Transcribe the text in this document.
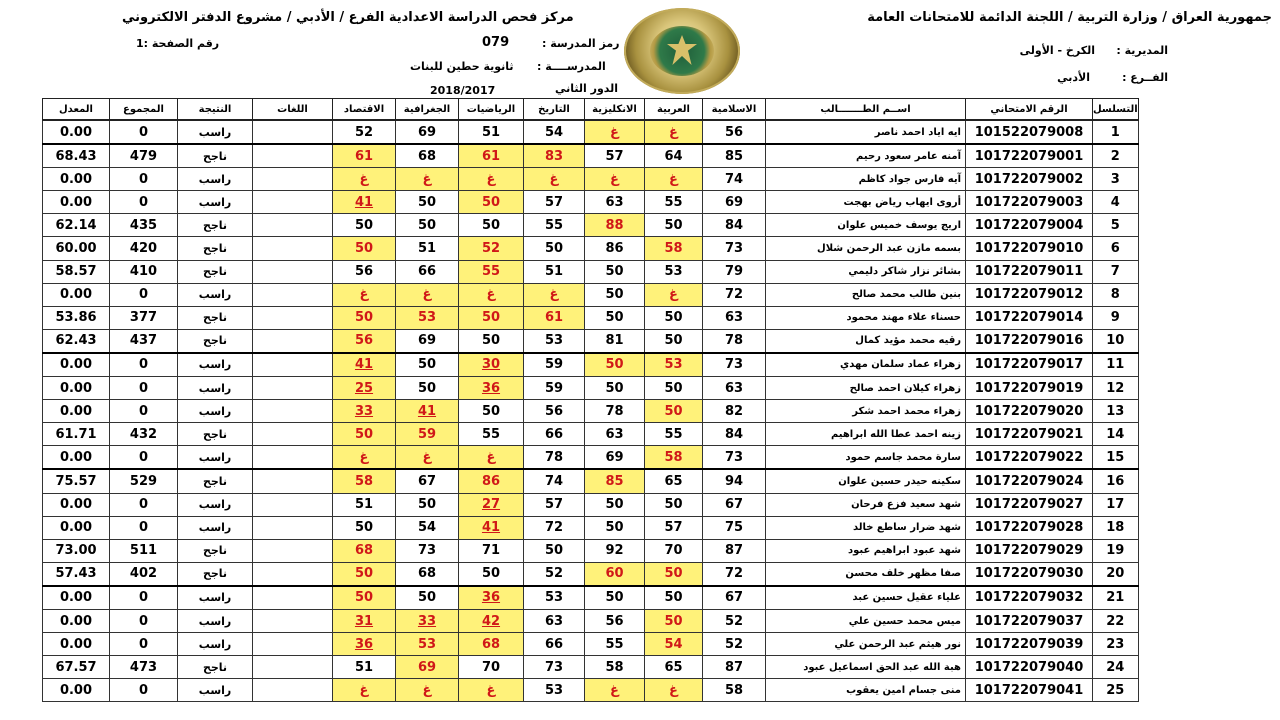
جمهورية العراق / وزارة التربية / اللجنة الدائمة للامتحانات العامة
مركز فحص الدراسة الاعدادية الفرع / الأدبي / مشروع الدفتر الالكتروني
رقم الصفحة :1	رمز المدرسة :
079
المدرســــة :
ثانوية حطين للبنات
الدور الثاني
2018/2017
المديرية :
الكرخ - الأولى
الفــرع :
الأدبي
المعدل	المجموع	النتيجة	اللغات	الاقتصاد	الجغرافية	الرياضيات	التاريخ	الانكليزية	العربية	الاسلامية	اســم الطـــــــالب	الرقم الامتحاني	التسلسل
0.00	0	راسب		52	69	51	54	غ	غ	56	ايه اياد احمد ناصر	101522079008	1
68.43	479	ناجح		61	68	61	83	57	64	85	آمنه عامر سعود رحيم	101722079001	2
0.00	0	راسب		غ	غ	غ	غ	غ	غ	74	آيه فارس جواد كاظم	101722079002	3
0.00	0	راسب		41	50	50	57	63	55	69	أروى ايهاب رياض بهجت	101722079003	4
62.14	435	ناجح		50	50	50	55	88	50	84	اريج يوسف خميس علوان	101722079004	5
60.00	420	ناجح		50	51	52	50	86	58	73	بسمه مازن عبد الرحمن شلال	101722079010	6
58.57	410	ناجح		56	66	55	51	50	53	79	بشائر نزار شاكر دليمي	101722079011	7
0.00	0	راسب		غ	غ	غ	غ	50	غ	72	بنين طالب محمد صالح	101722079012	8
53.86	377	ناجح		50	53	50	61	50	50	63	حسناء علاء مهند محمود	101722079014	9
62.43	437	ناجح		56	69	50	53	81	50	78	رقيه محمد مؤيد كمال	101722079016	10
0.00	0	راسب		41	50	30	59	50	53	73	زهراء عماد سلمان مهدي	101722079017	11
0.00	0	راسب		25	50	36	59	50	50	63	زهراء كيلان احمد صالح	101722079019	12
0.00	0	راسب		33	41	50	56	78	50	82	زهراء محمد احمد شكر	101722079020	13
61.71	432	ناجح		50	59	55	66	63	55	84	زينه احمد عطا الله ابراهيم	101722079021	14
0.00	0	راسب		غ	غ	غ	78	69	58	73	سارة محمد جاسم حمود	101722079022	15
75.57	529	ناجح		58	67	86	74	85	65	94	سكينه حيدر حسين علوان	101722079024	16
0.00	0	راسب		51	50	27	57	50	50	67	شهد سعيد فزع فرحان	101722079027	17
0.00	0	راسب		50	54	41	72	50	57	75	شهد ضرار ساطع خالد	101722079028	18
73.00	511	ناجح		68	73	71	50	92	70	87	شهد عبود ابراهيم عبود	101722079029	19
57.43	402	ناجح		50	68	50	52	60	50	72	صفا مظهر خلف محسن	101722079030	20
0.00	0	راسب		50	50	36	53	50	50	67	علياء عقيل حسين عبد	101722079032	21
0.00	0	راسب		31	33	42	63	56	50	52	ميس محمد حسين علي	101722079037	22
0.00	0	راسب		36	53	68	66	55	54	52	نور هيثم عبد الرحمن علي	101722079039	23
67.57	473	ناجح		51	69	70	73	58	65	87	هبة الله عبد الحق اسماعيل عبود	101722079040	24
0.00	0	راسب		غ	غ	غ	53	غ	غ	58	منى جسام امين يعقوب	101722079041	25
